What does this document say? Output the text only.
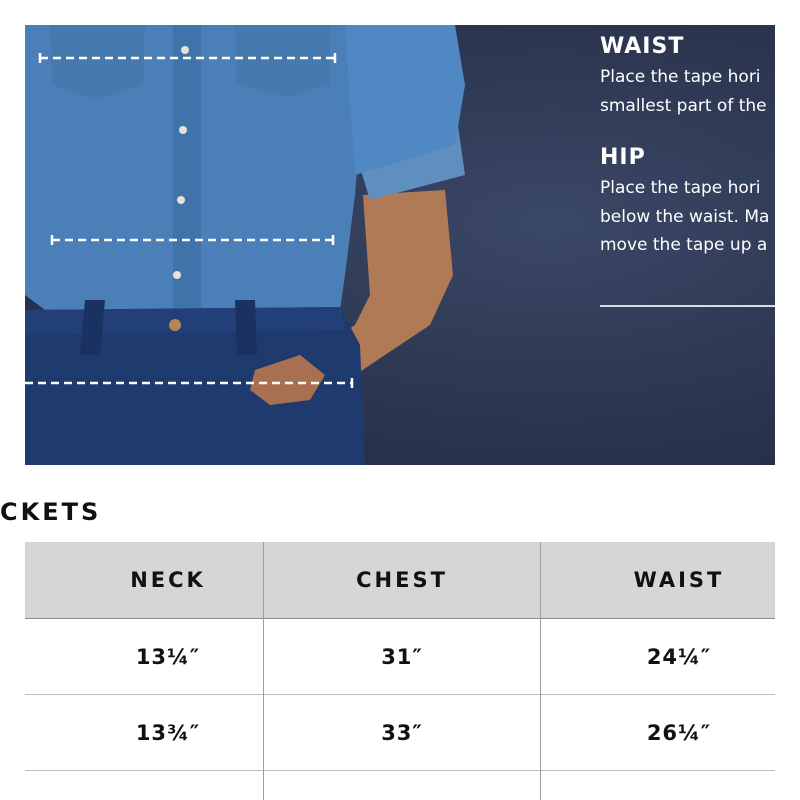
WAIST

Place the tape hori
smallest part of the

HIP

Place the tape hori
below the waist. Ma
move the tape up a

CKETS
NECK	CHEST	WAIST
13¼″	31″	24¼″
13¾″	33″	26¼″
